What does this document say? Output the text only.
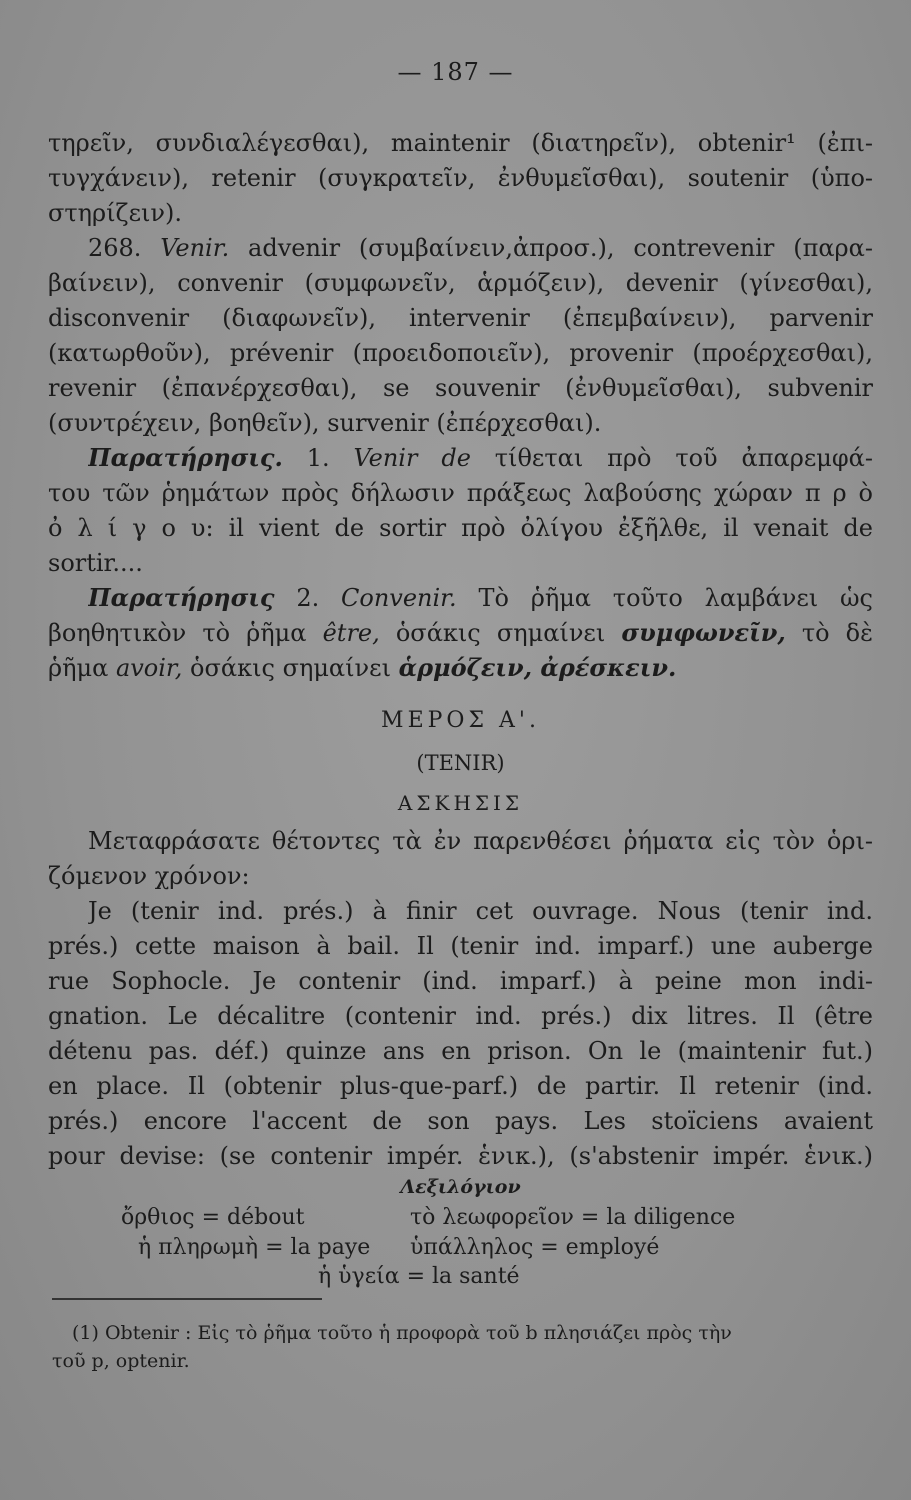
— 187 —
τηρεῖν, συνδιαλέγεσθαι), maintenir (διατηρεῖν), obtenir¹ (ἐπι-
τυγχάνειν), retenir (συγκρατεῖν, ἐνθυμεῖσθαι), soutenir (ὑπο-
στηρίζειν).
268. Venir. advenir (συμβαίνειν,ἀπροσ.), contrevenir (παρα-
βαίνειν), convenir (συμφωνεῖν, ἁρμόζειν), devenir (γίνεσθαι),
disconvenir (διαφωνεῖν), intervenir (ἐπεμβαίνειν), parvenir
(κατωρθοῦν), prévenir (προειδοποιεῖν), provenir (προέρχεσθαι),
revenir (ἐπανέρχεσθαι), se souvenir (ἐνθυμεῖσθαι), subvenir
(συντρέχειν, βοηθεῖν), survenir (ἐπέρχεσθαι).
Παρατήρησις. 1. Venir de τίθεται πρὸ τοῦ ἀπαρεμφά-
του τῶν ῥημάτων πρὸς δήλωσιν πράξεως λαβούσης χώραν π ρ ὸ
ὀ λ ί γ ο υ: il vient de sortir πρὸ ὀλίγου ἐξῆλθε, il venait de
sortir....
Παρατήρησις 2. Convenir. Τὸ ῥῆμα τοῦτο λαμβάνει ὡς
βοηθητικὸν τὸ ῥῆμα être, ὁσάκις σημαίνει συμφωνεῖν, τὸ δὲ
ῥῆμα avoir, ὁσάκις σημαίνει ἁρμόζειν, ἀρέσκειν.
ΜΕΡΟΣ Α'.
(TENIR)
ΑΣΚΗΣΙΣ
Μεταφράσατε θέτοντες τὰ ἐν παρενθέσει ῥήματα εἰς τὸν ὁρι-
ζόμενον χρόνον:
Je (tenir ind. prés.) à finir cet ouvrage. Nous (tenir ind.
prés.) cette maison à bail. Il (tenir ind. imparf.) une auberge
rue Sophocle. Je contenir (ind. imparf.) à peine mon indi-
gnation. Le décalitre (contenir ind. prés.) dix litres. Il (être
détenu pas. déf.) quinze ans en prison. On le (maintenir fut.)
en place. Il (obtenir plus-que-parf.) de partir. Il retenir (ind.
prés.) encore l'accent de son pays. Les stoïciens avaient
pour devise: (se contenir impér. ἑνικ.), (s'abstenir impér. ἑνικ.)
Λεξιλόγιον
ὄρθιος = débout	τὸ λεωφορεῖον = la diligence
ἡ πληρωμὴ = la paye ὑπάλληλος = employé
ἡ ὑγεία = la santé
(1) Obtenir : Εἰς τὸ ῥῆμα τοῦτο ἡ προφορὰ τοῦ b πλησιάζει πρὸς τὴν
τοῦ p, optenir.
